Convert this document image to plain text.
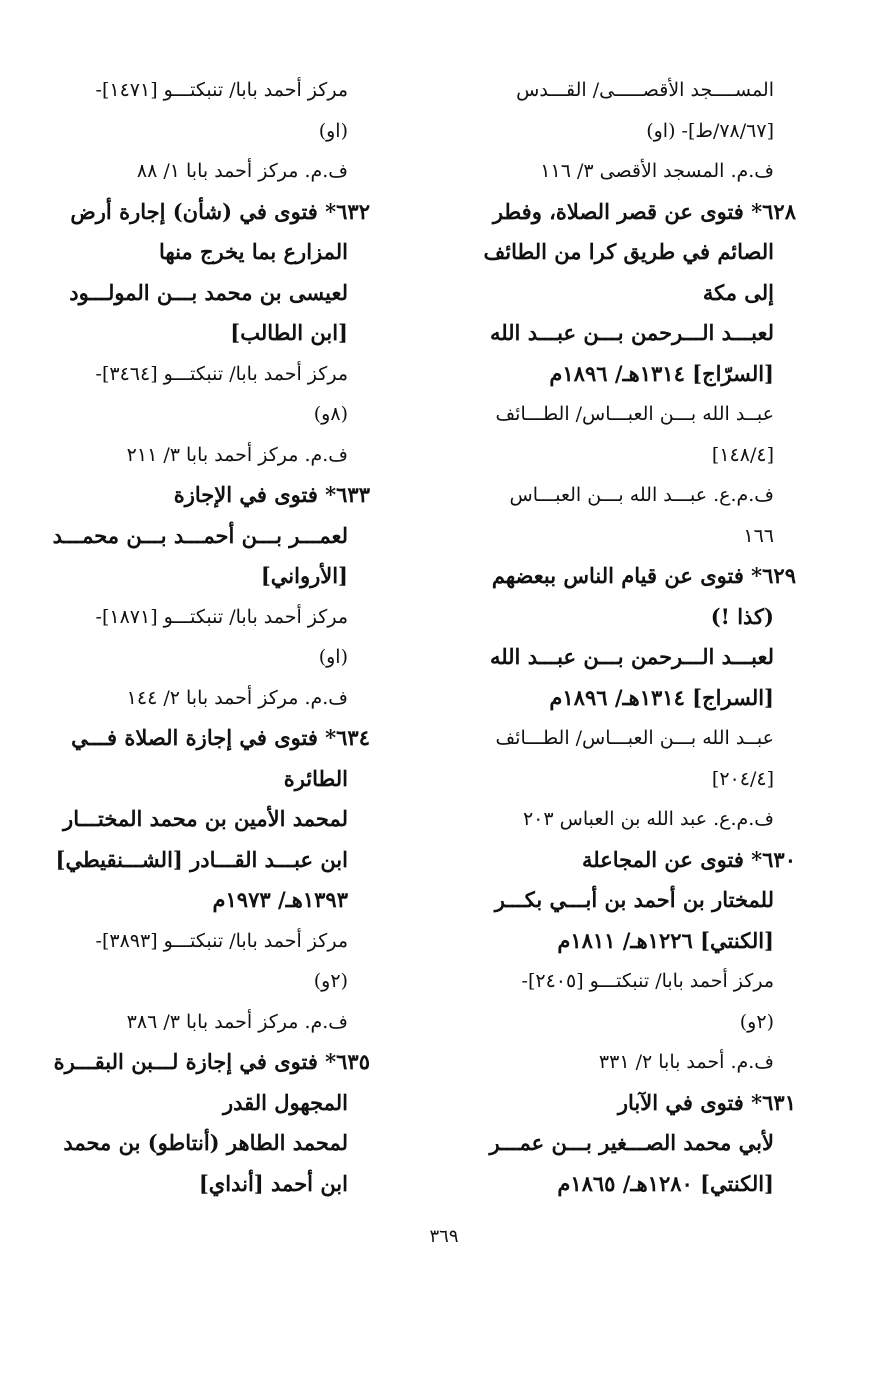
المســــجد الأقصـــــى/ القـــدس
[٧٨/٦٧/ط]- (او)
ف.م. المسجد الأقصى ٣/ ١١٦
٦٢٨* فتوى عن قصر الصلاة، وفطر
الصائم في طريق كرا من الطائف
إلى مكة
لعبـــد الـــرحمن بـــن عبـــد الله
[السرّاج] ١٣١٤هـ/ ١٨٩٦م
عبــد الله بـــن العبـــاس/ الطـــائف
[١٤٨/٤]
ف.م.ع. عبـــد الله بـــن العبـــاس
١٦٦
٦٢٩* فتوى عن قيام الناس ببعضهم
(كذا !)
لعبـــد الـــرحمن بـــن عبـــد الله
[السراج] ١٣١٤هـ/ ١٨٩٦م
عبــد الله بـــن العبـــاس/ الطـــائف
[٢٠٤/٤]
ف.م.ع. عبد الله بن العباس ٢٠٣
٦٣٠* فتوى عن المجاعلة
للمختار بن أحمد بن أبـــي بكـــر
[الكنتي] ١٢٢٦هـ/ ١٨١١م
مركز أحمد بابا/ تنبكتـــو [٢٤٠٥]-
(٢و)
ف.م. أحمد بابا ٢/ ٣٣١
٦٣١* فتوى في الآبار
لأبي محمد الصـــغير بـــن عمـــر
[الكنتي] ١٢٨٠هـ/ ١٨٦٥م
مركز أحمد بابا/ تنبكتـــو [١٤٧١]-
(او)
ف.م. مركز أحمد بابا ١/ ٨٨
٦٣٢* فتوى في (شأن) إجارة أرض
المزارع بما يخرج منها
لعيسى بن محمد بـــن المولـــود
[ابن الطالب]
مركز أحمد بابا/ تنبكتـــو [٣٤٦٤]-
(٨و)
ف.م. مركز أحمد بابا ٣/ ٢١١
٦٣٣* فتوى في الإجازة
لعمـــر بـــن أحمـــد بـــن محمـــد
[الأرواني]
مركز أحمد بابا/ تنبكتـــو [١٨٧١]-
(او)
ف.م. مركز أحمد بابا ٢/ ١٤٤
٦٣٤* فتوى في إجازة الصلاة فـــي
الطائرة
لمحمد الأمين بن محمد المختـــار
ابن عبـــد القـــادر [الشـــنقيطي]
١٣٩٣هـ/ ١٩٧٣م
مركز أحمد بابا/ تنبكتـــو [٣٨٩٣]-
(٢و)
ف.م. مركز أحمد بابا ٣/ ٣٨٦
٦٣٥* فتوى في إجازة لـــبن البقـــرة
المجهول القدر
لمحمد الطاهر (أنتاطو) بن محمد
ابن أحمد [أنداي]
٣٦٩
